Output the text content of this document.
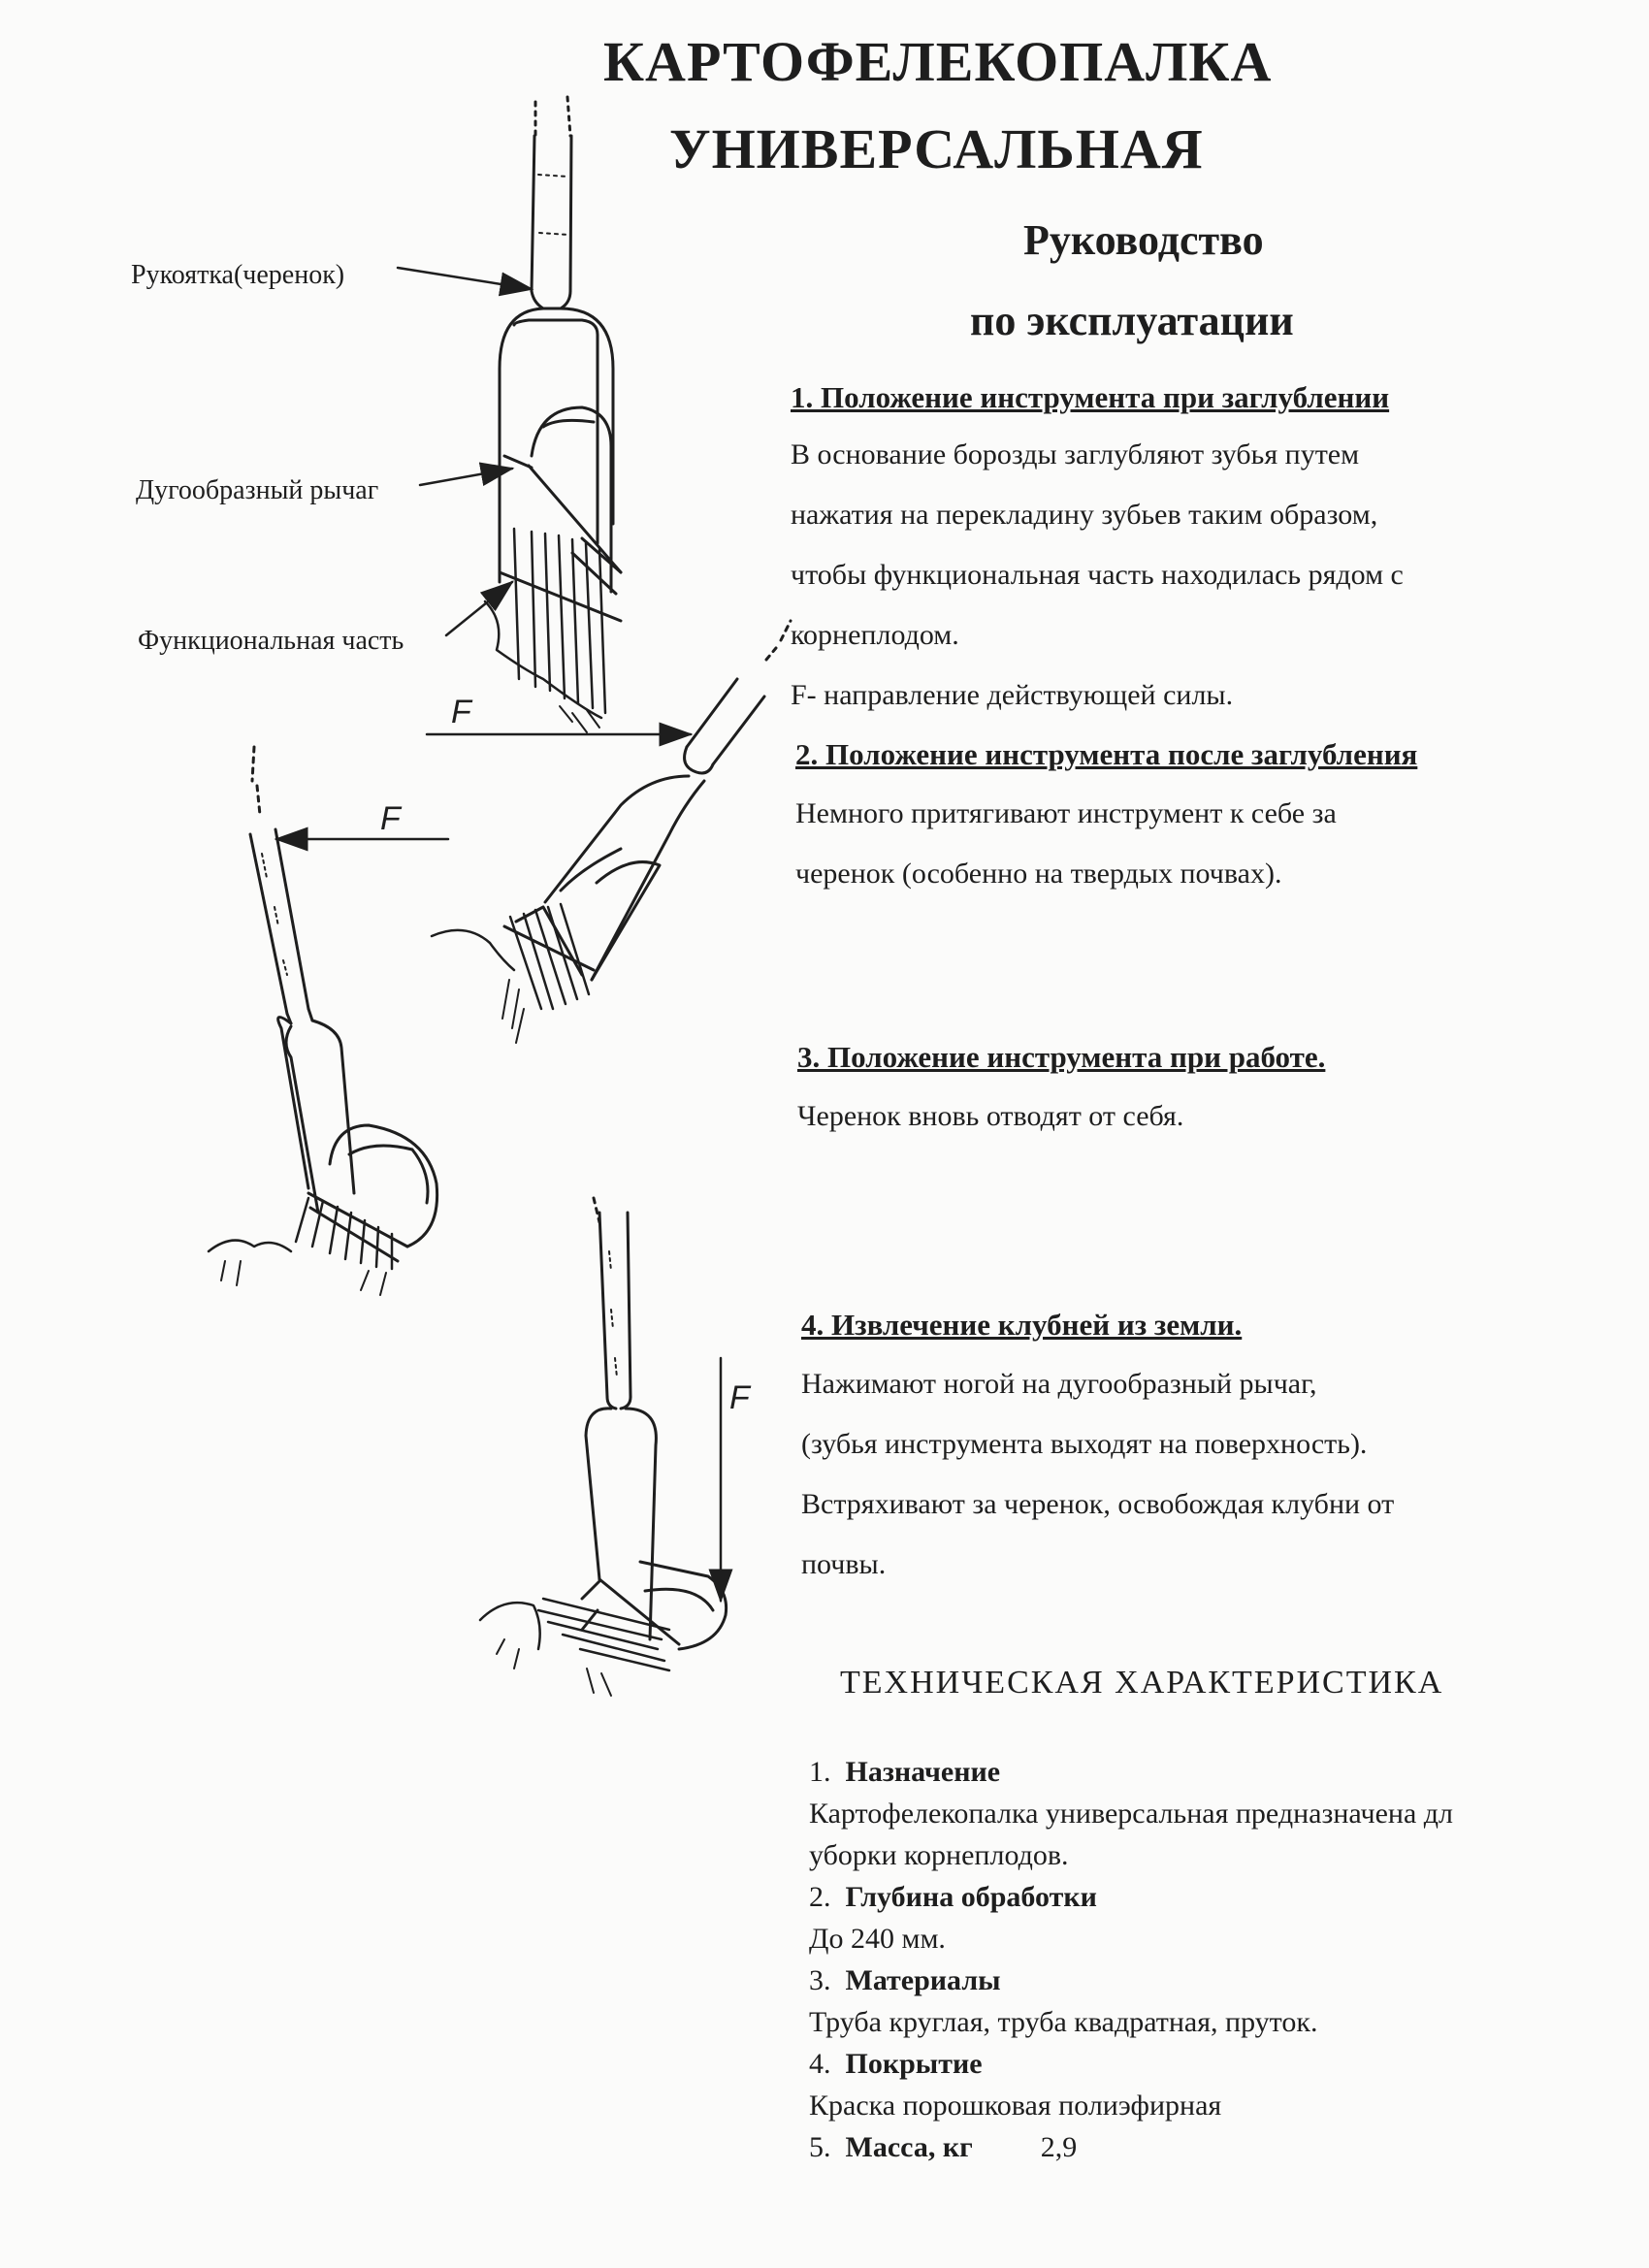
КАРТОФЕЛЕКОПАЛКА
УНИВЕРСАЛЬНАЯ
Руководство
по эксплуатации
1. Положение инструмента при заглублении
В основание борозды заглубляют зубья путем
нажатия на перекладину зубьев таким образом,
чтобы функциональная часть находилась рядом с
корнеплодом.
F- направление действующей силы.
2. Положение инструмента после заглубления
Немного притягивают инструмент к себе за
черенок (особенно на твердых почвах).
3. Положение инструмента при работе.
Черенок вновь отводят от себя.
4. Извлечение клубней из земли.
Нажимают ногой на дугообразный рычаг,
(зубья инструмента выходят на поверхность).
Встряхивают за черенок, освобождая клубни от
почвы.
ТЕХНИЧЕСКАЯ ХАРАКТЕРИСТИКА
1. Назначение
Картофелекопалка универсальная предназначена дл
уборки корнеплодов.
2. Глубина обработки
До 240 мм.
3. Материалы
Труба круглая, труба квадратная, пруток.
4. Покрытие
Краска порошковая полиэфирная
5. Масса, кг 2,9
Рукоятка(черенок)
Дугообразный рычаг
Функциональная часть
F
F
F
